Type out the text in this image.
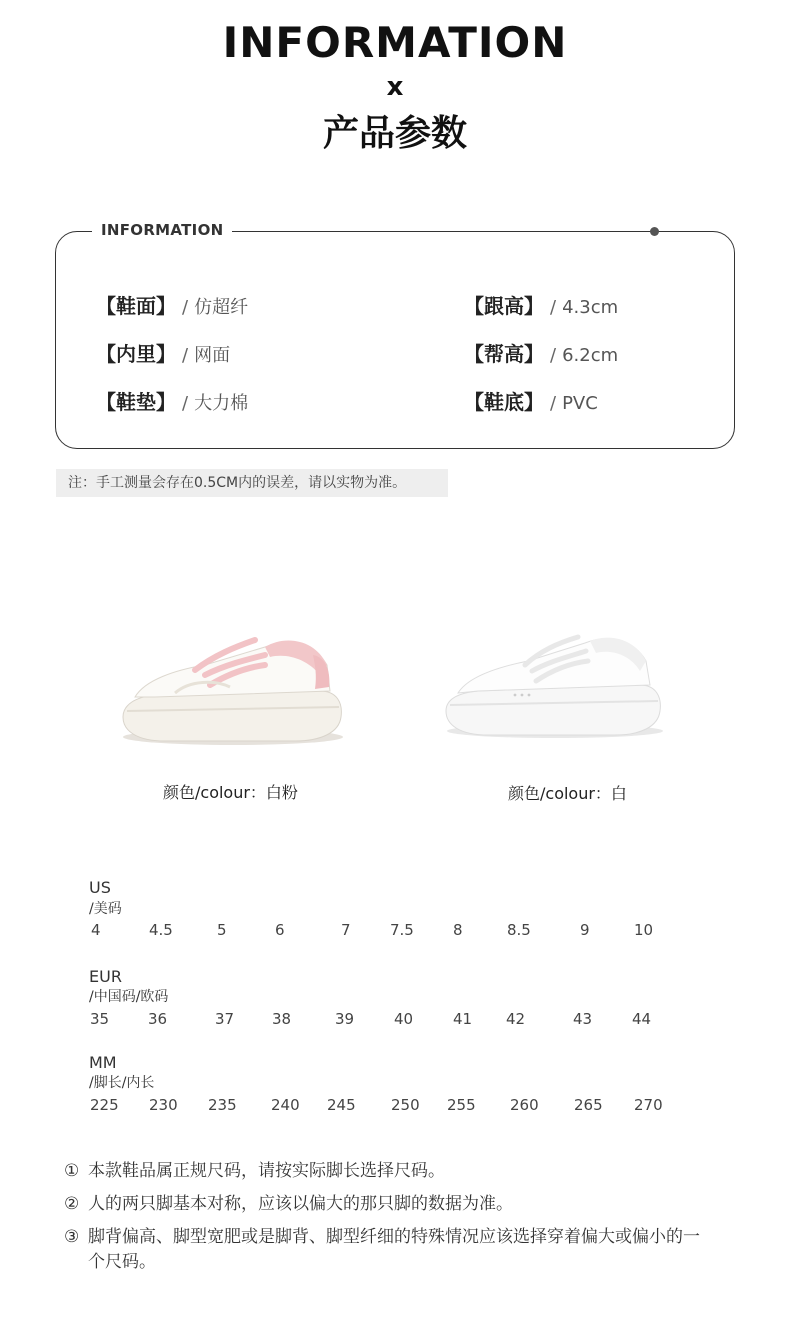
INFORMATION
x
产品参数
INFORMATION
【鞋面】 / 仿超纤
【内里】 / 网面
【鞋垫】 / 大力棉
【跟高】 / 4.3cm
【帮高】 / 6.2cm
【鞋底】 / PVC
注：手工测量会存在0.5CM内的误差，请以实物为准。
颜色/colour：白粉	颜色/colour：白
US
/美码
4	4.5	5	6	7	7.5	8	8.5	9	10
EUR
/中国码/欧码
35	36	37	38	39	40	41 42	43	44
MM
/脚长/内长
225 230 235 240 245 250 255 260 265 270
① 本款鞋品属正规尺码，请按实际脚长选择尺码。
② 人的两只脚基本对称，应该以偏大的那只脚的数据为准。
③ 脚背偏高、脚型宽肥或是脚背、脚型纤细的特殊情况应该选择穿着偏大或偏小的一个尺码。
